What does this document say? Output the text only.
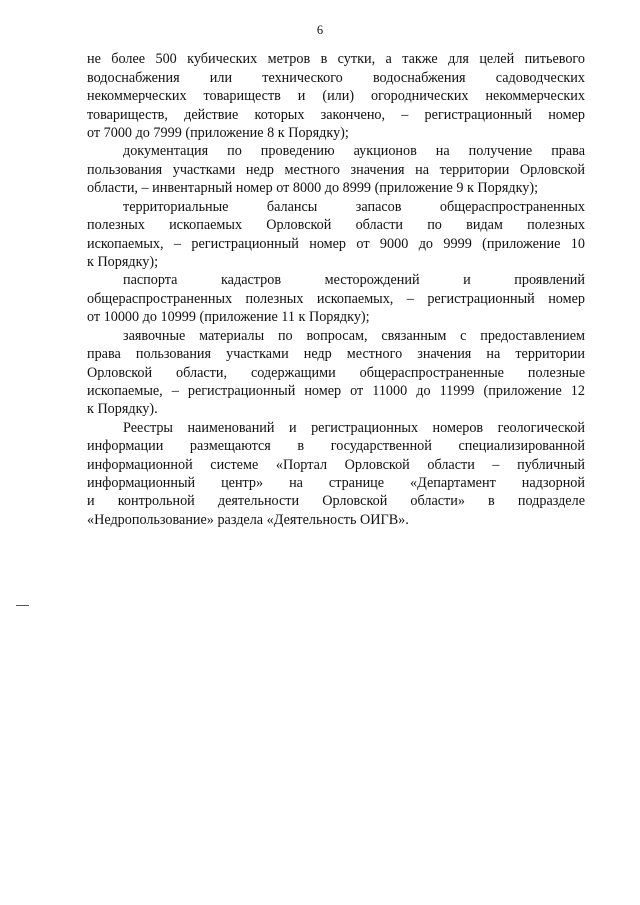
6
не более 500 кубических метров в сутки, а также для целей питьевого
водоснабжения или технического водоснабжения садоводческих
некоммерческих товариществ и (или) огороднических некоммерческих
товариществ, действие которых закончено, – регистрационный номер
от 7000 до 7999 (приложение 8 к Порядку);
документация по проведению аукционов на получение права
пользования участками недр местного значения на территории Орловской
области, – инвентарный номер от 8000 до 8999 (приложение 9 к Порядку);
территориальные балансы запасов общераспространенных
полезных ископаемых Орловской области по видам полезных
ископаемых, – регистрационный номер от 9000 до 9999 (приложение 10
к Порядку);
паспорта кадастров месторождений и проявлений
общераспространенных полезных ископаемых, – регистрационный номер
от 10000 до 10999 (приложение 11 к Порядку);
заявочные материалы по вопросам, связанным с предоставлением
права пользования участками недр местного значения на территории
Орловской области, содержащими общераспространенные полезные
ископаемые, – регистрационный номер от 11000 до 11999 (приложение 12
к Порядку).
Реестры наименований и регистрационных номеров геологической
информации размещаются в государственной специализированной
информационной системе «Портал Орловской области – публичный
информационный центр» на странице «Департамент надзорной
и контрольной деятельности Орловской области» в подразделе
«Недропользование» раздела «Деятельность ОИГВ».
